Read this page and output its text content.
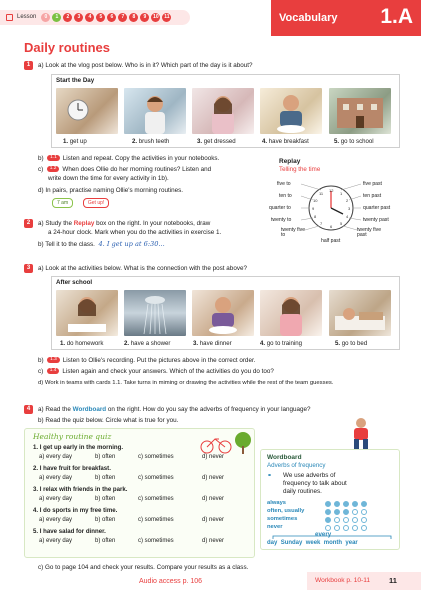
Lesson	0	1	2	3	4	5	6	7	8	9	10	11	Vocabulary 1.A
Daily routines
1	a) Look at the vlog post below. Who is in it? Which part of the day is it about?
Start the Day
1. get up	2. brush teeth	3. get dressed	4. have breakfast	5. go to school
b) 1.1 Listen and repeat. Copy the activities in your notebooks.
c) 1.2 When does Ollie do her morning routines? Listen and
write down the time for every activity in 1b).
d) In pairs, practise naming Ollie's morning routines.
7 am	Get up!
Replay
Telling the time
12
1
2
3
4
5
6
7
8
9
10
11
five to	five past
ten to	ten past
quarter to	quarter past
twenty to	twenty past
twenty five to
twenty five past
half past
2	a) Study the Replay box on the right. In your notebooks, draw
a 24-hour clock. Mark when you do the activities in exercise 1.
b) Tell it to the class. 4. I get up at 6:30...
3	a) Look at the activities below. What is the connection with the post above?
After school
1. do homework	2. have a shower	3. have dinner	4. go to training	5. go to bed
b)  1.3 Listen to Ollie's recording. Put the pictures above in the correct order.
c)  1.4 Listen again and check your answers. Which of the activities do you do too?
d) Work in teams with cards 1.1. Take turns in miming or drawing the activities while the rest of the team guesses.
4	a) Read the Wordboard on the right. How do you say the adverbs of frequency in your language?
b) Read the quiz below. Circle what is true for you.
Healthy routine quiz
1. I get up early in the morning.
a) every day	b) often	c) sometimes	d) never
2. I have fruit for breakfast.
a) every day	b) often	c) sometimes	d) never
3. I relax with friends in the park.
a) every day	b) often	c) sometimes	d) never
4. I do sports in my free time.
a) every day	b) often	c) sometimes	d) never
5. I have salad for dinner.
a) every day	b) often	c) sometimes	d) never
Wordboard
Adverbs of frequency
⚭ We use adverbs of
frequency to talk about
daily routines.
always
often, usually
sometimes
never
every
day Sunday week month year
c) Go to page 104 and check your results. Compare your results as a class.
Audio access p. 106	Workbook p. 10-11	11
